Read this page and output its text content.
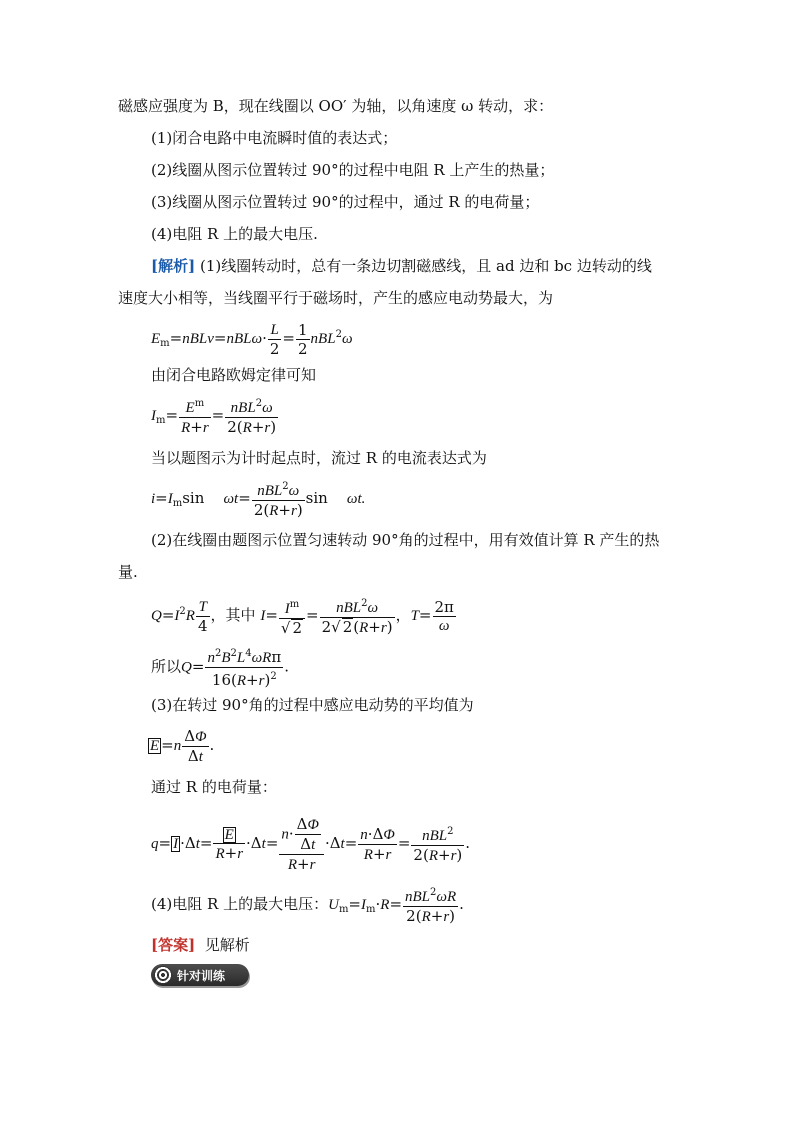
磁感应强度为 B，现在线圈以 OO′ 为轴，以角速度 ω 转动，求：
(1)闭合电路中电流瞬时值的表达式；
(2)线圈从图示位置转过 90°的过程中电阻 R 上产生的热量；
(3)线圈从图示位置转过 90°的过程中，通过 R 的电荷量；
(4)电阻 R 上的最大电压.
[解析] (1)线圈转动时，总有一条边切割磁感线，且 ad 边和 bc 边转动的线
速度大小相等，当线圈平行于磁场时，产生的感应电动势最大，为
$E_m=nBLv=nBL\omega\cdot \frac{L}{2} = \frac{1}{2} nBL^2\omega$
由闭合电路欧姆定律可知
$I_m= \frac{E^m}{R+r} = \frac{nBL^2\omega}{2(R+r)}$
当以题图示为计时起点时，流过 R 的电流表达式为
$i=I_m\sin$    $\omega t= \frac{nBL^2\omega}{2(R+r)}$ sin    ωt.
(2)在线圈由题图示位置匀速转动 90°角的过程中，用有效值计算 R 产生的热
量.
$Q=I^2R \frac{T}{4}$ ，其中 $I= \frac{I^m}{√ 2} = \frac{nBL^2\omega}{2√ 2(R+r)}$ ，$T= \frac{2\pi}{\omega}$
所以$Q= \frac{n^2B^2L^4\omega R\pi}{16(R+r)^2}$ .
(3)在转过 90°角的过程中感应电动势的平均值为
$E =n \frac{\Delta\Phi}{\Delta t}$ .
通过 R 的电荷量：
$q= I \cdot\Delta t= \frac{E}{R+r} \cdot\Delta t= \frac{n\cdot \frac{\Delta\Phi}{\Delta t}}{R+r} \cdot\Delta t= \frac{n\cdot\Delta\Phi}{R+r} = \frac{nBL^2}{2(R+r)}$ .
(4)电阻 R 上的最大电压：$U_m=I_m\cdot R= \frac{nBL^2\omega R}{2(R+r)}$ .
[答案] 见解析
针对训练
